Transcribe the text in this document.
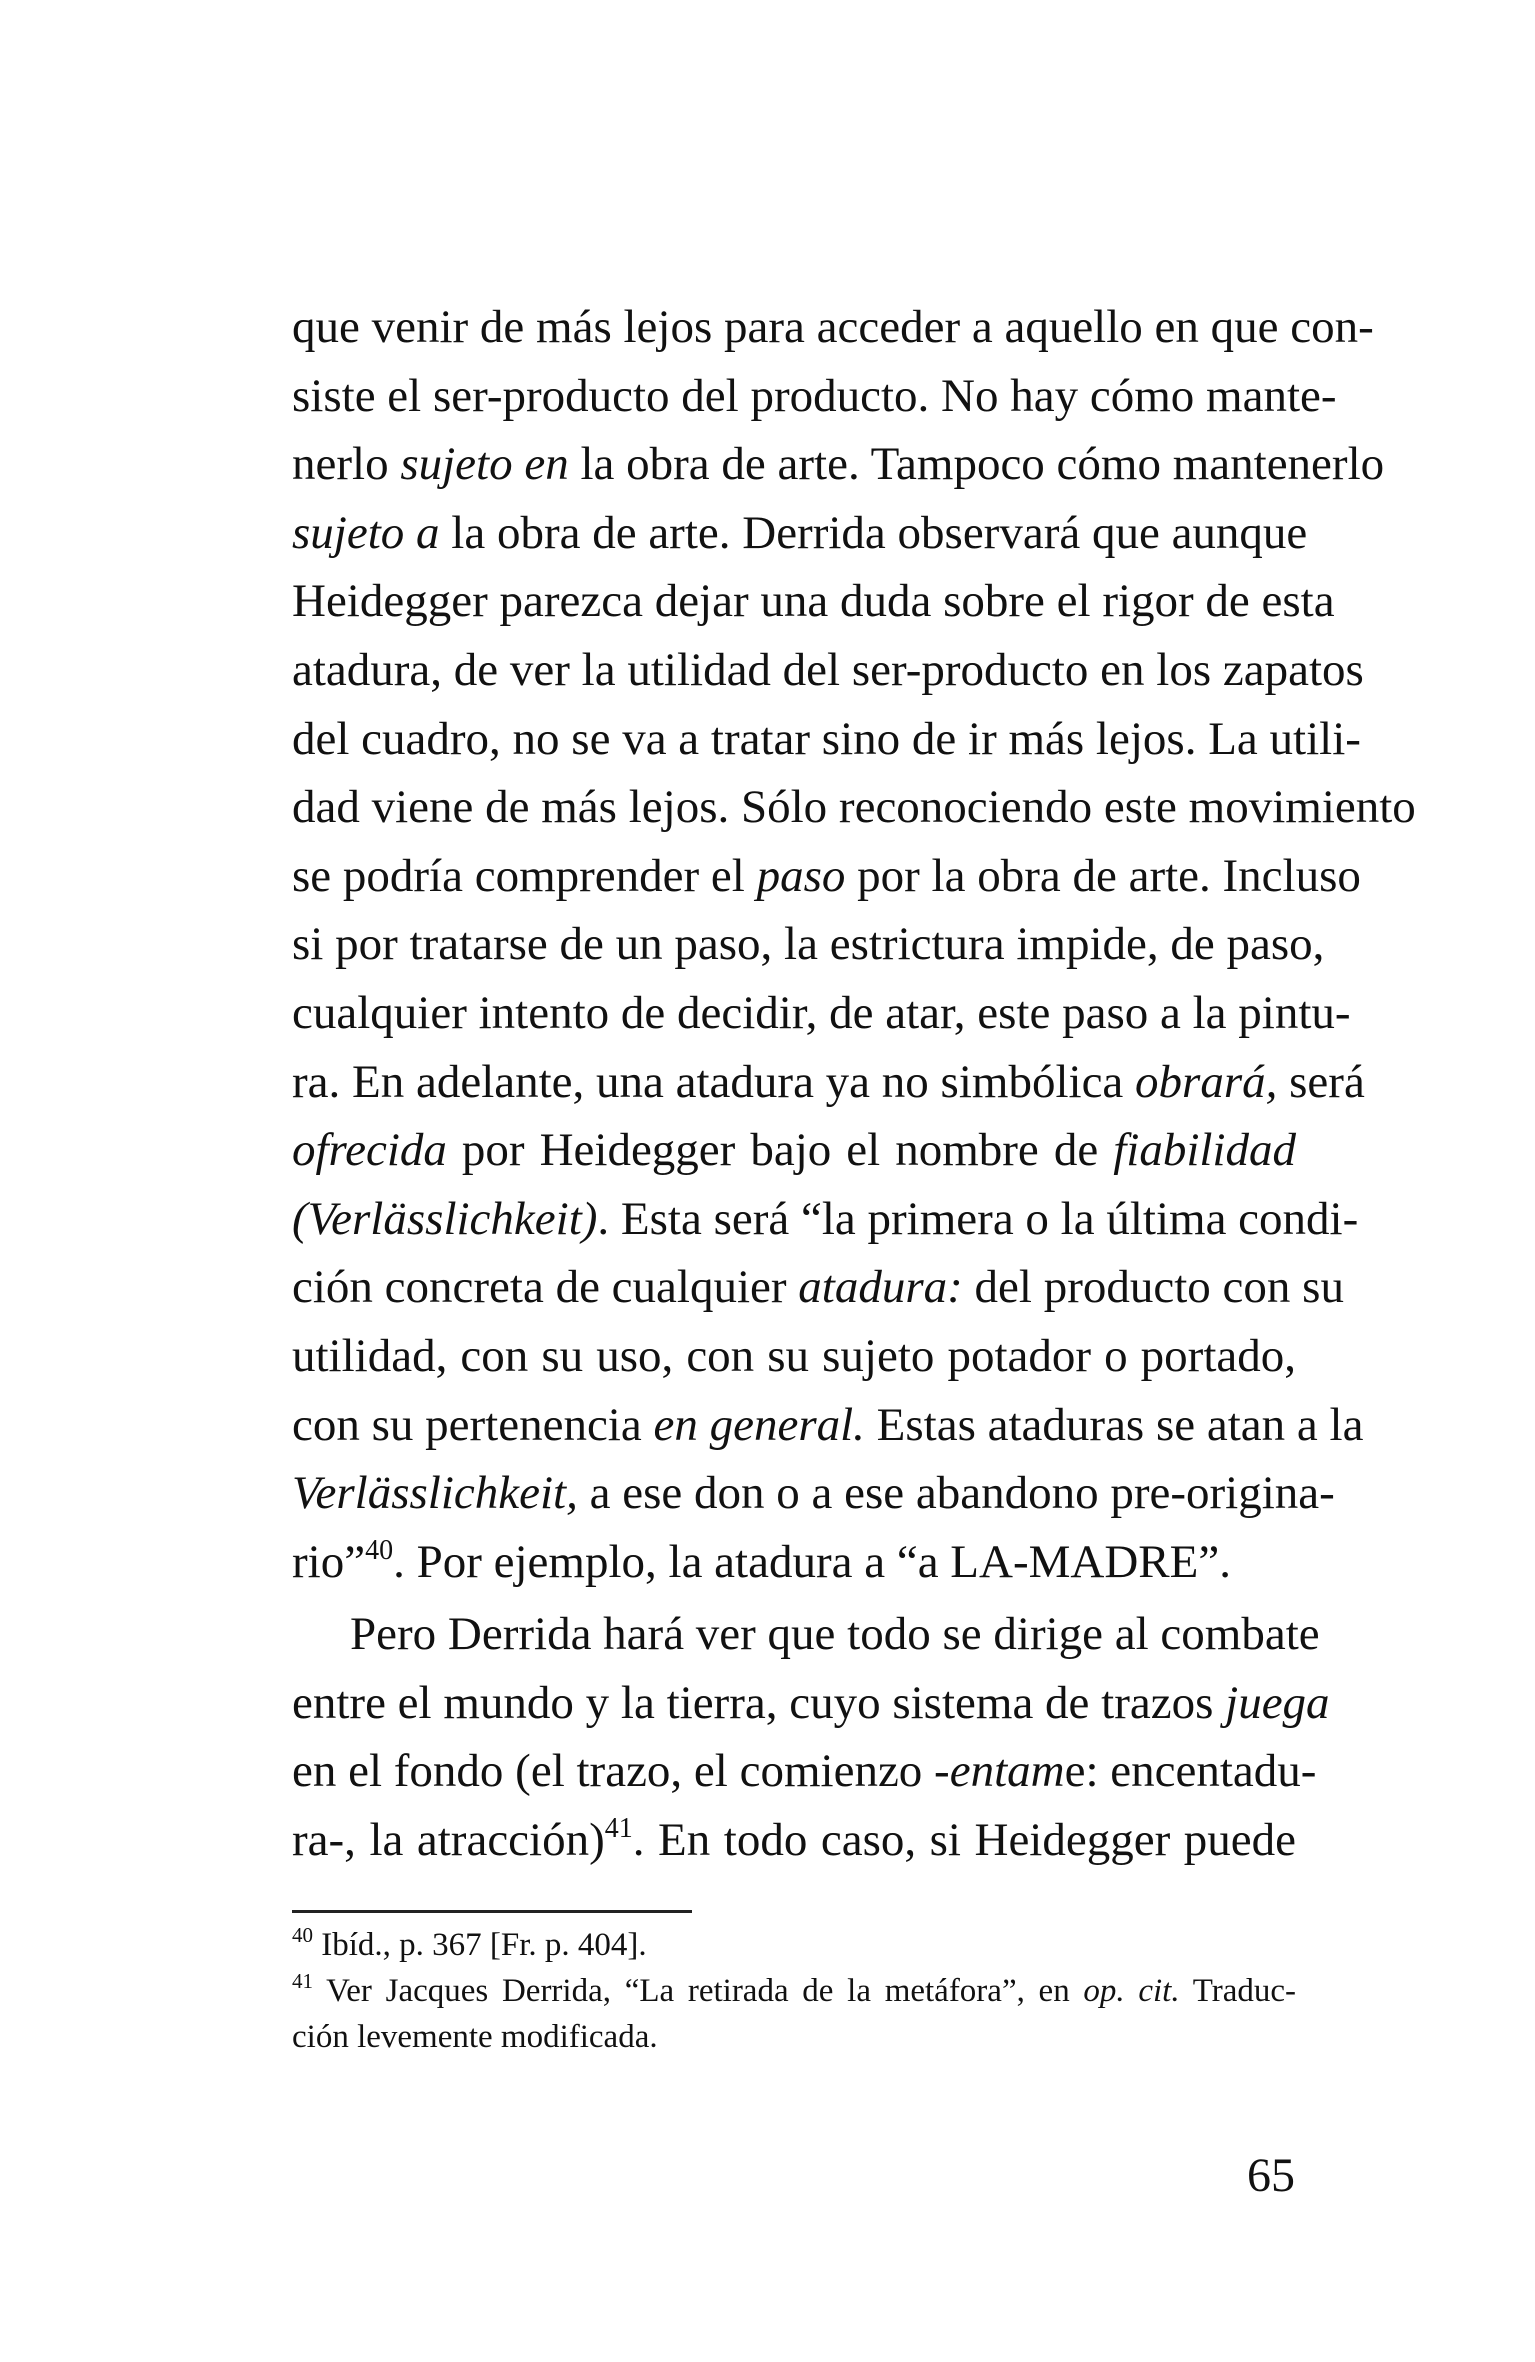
que venir de más lejos para acceder a aquello en que con-
siste el ser-producto del producto. No hay cómo mante-
nerlo sujeto en la obra de arte. Tampoco cómo mantenerlo
sujeto a la obra de arte. Derrida observará que aunque
Heidegger parezca dejar una duda sobre el rigor de esta
atadura, de ver la utilidad del ser-producto en los zapatos
del cuadro, no se va a tratar sino de ir más lejos. La utili-
dad viene de más lejos. Sólo reconociendo este movimiento
se podría comprender el paso por la obra de arte. Incluso
si por tratarse de un paso, la estrictura impide, de paso,
cualquier intento de decidir, de atar, este paso a la pintu-
ra. En adelante, una atadura ya no simbólica obrará, será
ofrecida por Heidegger bajo el nombre de fiabilidad
(Verlässlichkeit). Esta será “la primera o la última condi-
ción concreta de cualquier atadura: del producto con su
utilidad, con su uso, con su sujeto potador o portado,
con su pertenencia en general. Estas ataduras se atan a la
Verlässlichkeit, a ese don o a ese abandono pre-origina-
rio”$^{40}$. Por ejemplo, la atadura a “a LA-MADRE”.
Pero Derrida hará ver que todo se dirige al combate
entre el mundo y la tierra, cuyo sistema de trazos juega
en el fondo (el trazo, el comienzo -entame: encentadu-
ra-, la atracción)$^{41}$. En todo caso, si Heidegger puede
$^{40}$ Ibíd., p. 367 [Fr. p. 404].
$^{41}$ Ver Jacques Derrida, “La retirada de la metáfora”, en op. cit. Traduc-
ción levemente modificada.
65
